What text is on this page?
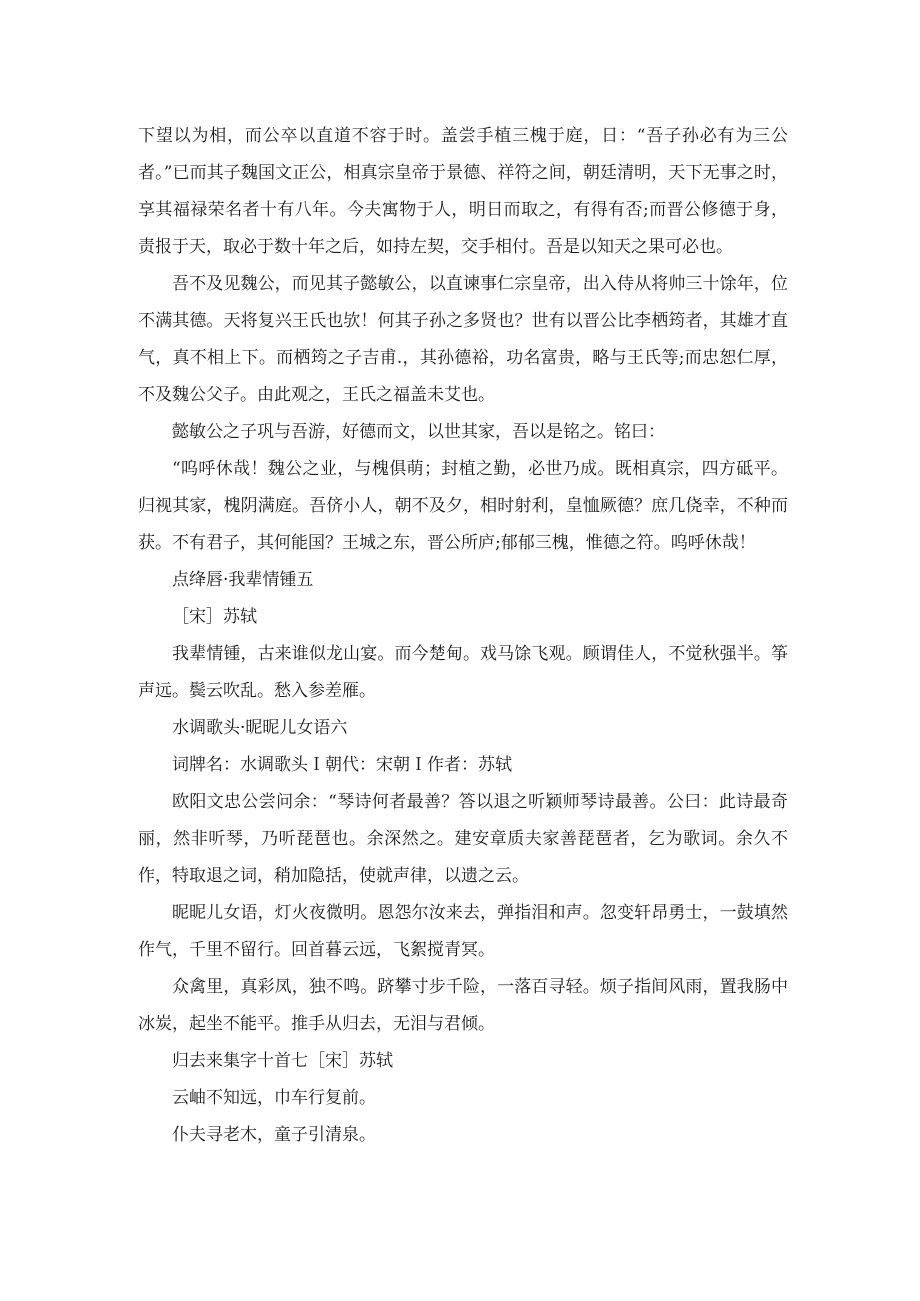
下望以为相，而公卒以直道不容于时。盖尝手植三槐于庭，日：“吾子孙必有为三公者。”已而其子魏国文正公，相真宗皇帝于景德、祥符之间，朝廷清明，天下无事之时，享其福禄荣名者十有八年。今夫寓物于人，明日而取之，有得有否;而晋公修德于身，责报于天，取必于数十年之后，如持左契，交手相付。吾是以知天之果可必也。

吾不及见魏公，而见其子懿敏公，以直谏事仁宗皇帝，出入侍从将帅三十馀年，位不满其德。天将复兴王氏也欤！何其子孙之多贤也？世有以晋公比李栖筠者，其雄才直气，真不相上下。而栖筠之子吉甫.，其孙德裕，功名富贵，略与王氏等;而忠恕仁厚，不及魏公父子。由此观之，王氏之福盖未艾也。

懿敏公之子巩与吾游，好德而文，以世其家，吾以是铭之。铭曰：

“呜呼休哉！魏公之业，与槐俱萌；封植之勤，必世乃成。既相真宗，四方砥平。归视其家，槐阴满庭。吾侪小人，朝不及夕，相时射利，皇恤厥德？庶几侥幸，不种而获。不有君子，其何能国？王城之东，晋公所庐;郁郁三槐，惟德之符。呜呼休哉！

点绛唇·我辈情锺五

［宋］苏轼

我辈情锺，古来谁似龙山宴。而今楚甸。戏马馀飞观。顾谓佳人，不觉秋强半。筝声远。鬓云吹乱。愁入参差雁。

水调歌头·昵昵儿女语六

词牌名：水调歌头Ｉ朝代：宋朝Ｉ作者：苏轼

欧阳文忠公尝问余：“琴诗何者最善？答以退之听颖师琴诗最善。公曰：此诗最奇丽，然非听琴，乃听琵琶也。余深然之。建安章质夫家善琵琶者，乞为歌词。余久不作，特取退之词，稍加隐括，使就声律，以遗之云。

昵昵儿女语，灯火夜微明。恩怨尔汝来去，弹指泪和声。忽变轩昂勇士，一鼓填然作气，千里不留行。回首暮云远，飞絮搅青冥。

众禽里，真彩凤，独不鸣。跻攀寸步千险，一落百寻轻。烦子指间风雨，置我肠中冰炭，起坐不能平。推手从归去，无泪与君倾。

归去来集字十首七［宋］苏轼

云岫不知远，巾车行复前。

仆夫寻老木，童子引清泉。
